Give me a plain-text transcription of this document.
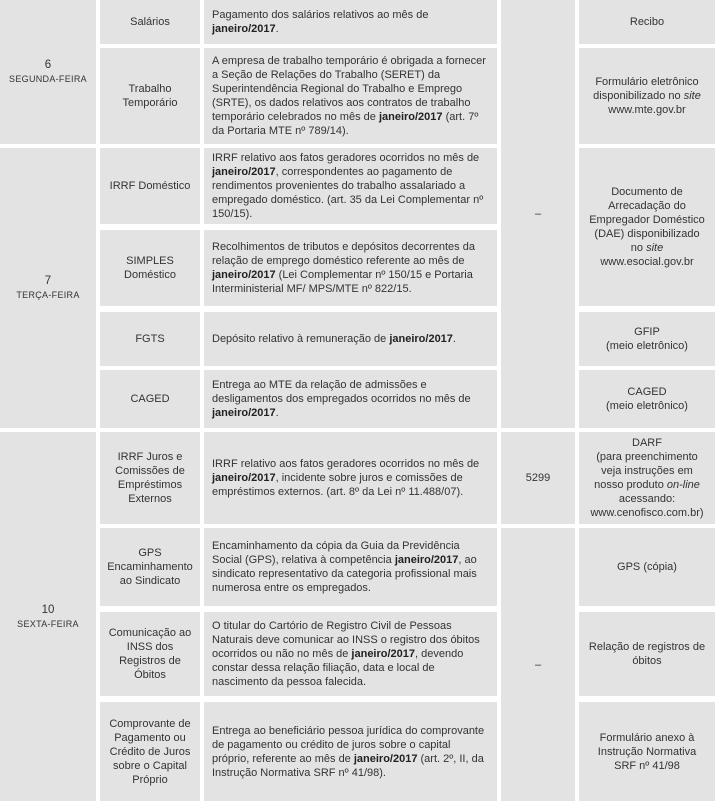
6
SEGUNDA-FEIRA
7
TERÇA-FEIRA
10
SEXTA-FEIRA
–
5299
–
Documento de Arrecadação do Empregador Doméstico (DAE) disponibilizado no site www.esocial.gov.br
Salários
Pagamento dos salários relativos ao mês de janeiro/2017.
Recibo
Trabalho Temporário
A empresa de trabalho temporário é obrigada a fornecer a Seção de Relações do Trabalho (SERET) da Superintendência Regional do Trabalho e Emprego (SRTE), os dados relativos aos contratos de trabalho temporário celebrados no mês de janeiro/2017 (art. 7º da Portaria MTE nº 789/14).
Formulário eletrônico disponibilizado no site www.mte.gov.br
IRRF Doméstico
IRRF relativo aos fatos geradores ocorridos no mês de janeiro/2017, correspondentes ao pagamento de rendimentos provenientes do trabalho assalariado a empregado doméstico. (art. 35 da Lei Complementar nº 150/15).
SIMPLES Doméstico
Recolhimentos de tributos e depósitos decorrentes da relação de emprego doméstico referente ao mês de janeiro/2017 (Lei Complementar nº 150/15 e Portaria Interministerial MF/ MPS/MTE nº 822/15.
FGTS	Depósito relativo à remuneração de janeiro/2017.
GFIP
(meio eletrônico)
CAGED
Entrega ao MTE da relação de admissões e desligamentos dos empregados ocorridos no mês de janeiro/2017.
CAGED
(meio eletrônico)
IRRF Juros e Comissões de Empréstimos Externos
IRRF relativo aos fatos geradores ocorridos no mês de janeiro/2017, incidente sobre juros e comissões de empréstimos externos. (art. 8º da Lei nº 11.488/07).
DARF
(para preenchimento veja instruções em nosso produto on-line acessando: www.cenofisco.com.br)
GPS Encaminhamento ao Sindicato
Encaminhamento da cópia da Guia da Previdência Social (GPS), relativa à competência janeiro/2017, ao sindicato representativo da categoria profissional mais numerosa entre os empregados.
GPS (cópia)
Comunicação ao INSS dos Registros de Óbitos
O titular do Cartório de Registro Civil de Pessoas Naturais deve comunicar ao INSS o registro dos óbitos ocorridos ou não no mês de janeiro/2017, devendo constar dessa relação filiação, data e local de nascimento da pessoa falecida.
Relação de registros de óbitos
Comprovante de Pagamento ou Crédito de Juros sobre o Capital Próprio
Entrega ao beneficiário pessoa jurídica do comprovante de pagamento ou crédito de juros sobre o capital próprio, referente ao mês de janeiro/2017 (art. 2º, II, da Instrução Normativa SRF nº 41/98).
Formulário anexo à Instrução Normativa SRF nº 41/98
